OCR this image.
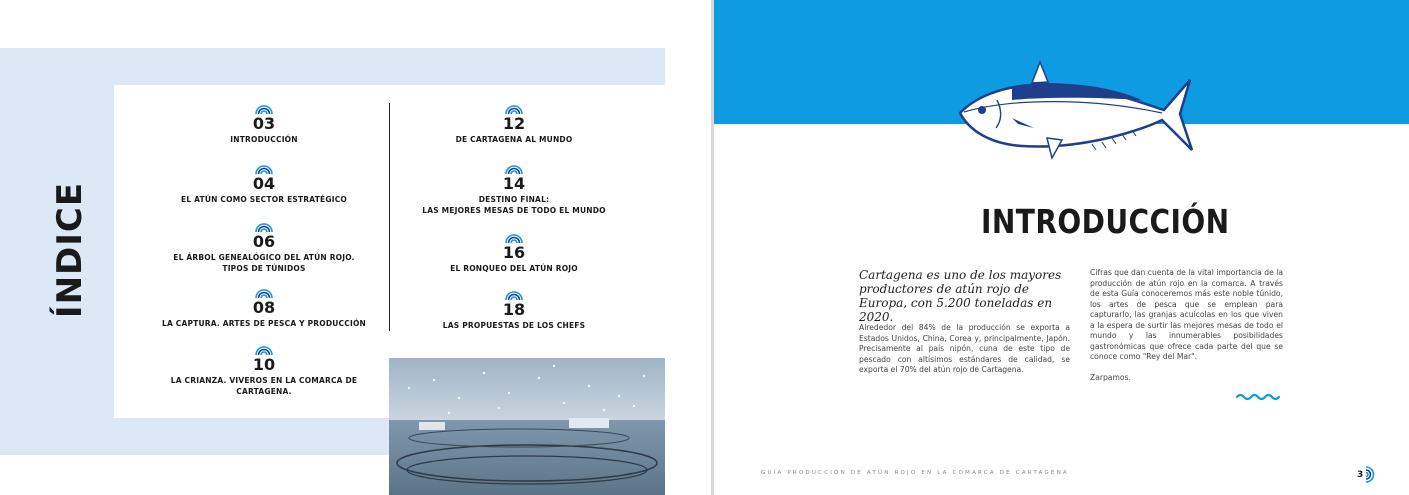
ÍNDICE
03
INTRODUCCIÓN
04
EL ATÚN COMO SECTOR ESTRATÉGICO
06
EL ÁRBOL GENEALÓGICO DEL ATÚN ROJO.
TIPOS DE TÚNIDOS
08
LA CAPTURA. ARTES DE PESCA Y PRODUCCIÓN
10
LA CRIANZA. VIVEROS EN LA COMARCA DE CARTAGENA.
12
DE CARTAGENA AL MUNDO
14
DESTINO FINAL:
LAS MEJORES MESAS DE TODO EL MUNDO
16
EL RONQUEO DEL ATÚN ROJO
18
LAS PROPUESTAS DE LOS CHEFS
INTRODUCCIÓN
Cartagena es uno de los mayores productores de atún rojo de Europa, con 5.200 toneladas en 2020.
Alrededor del 84% de la producción se exporta a Estados Unidos, China, Corea y, principalmente, Japón. Precisamente al país nipón, cuna de este tipo de pescado con altísimos estándares de calidad, se exporta el 70% del atún rojo de Cartagena.
Cifras que dan cuenta de la vital importancia de la producción de atún rojo en la comarca. A través de esta Guía conoceremos más este noble túnido, los artes de pesca que se emplean para capturarlo, las granjas acuícolas en los que viven a la espera de surtir las mejores mesas de todo el mundo y las innumerables posibilidades gastronómicas que ofrece cada parte del que se conoce como "Rey del Mar".
Zarpamos.
GUÍA PRODUCCIÓN DE ATÚN ROJO EN LA COMARCA DE CARTAGENA	3
